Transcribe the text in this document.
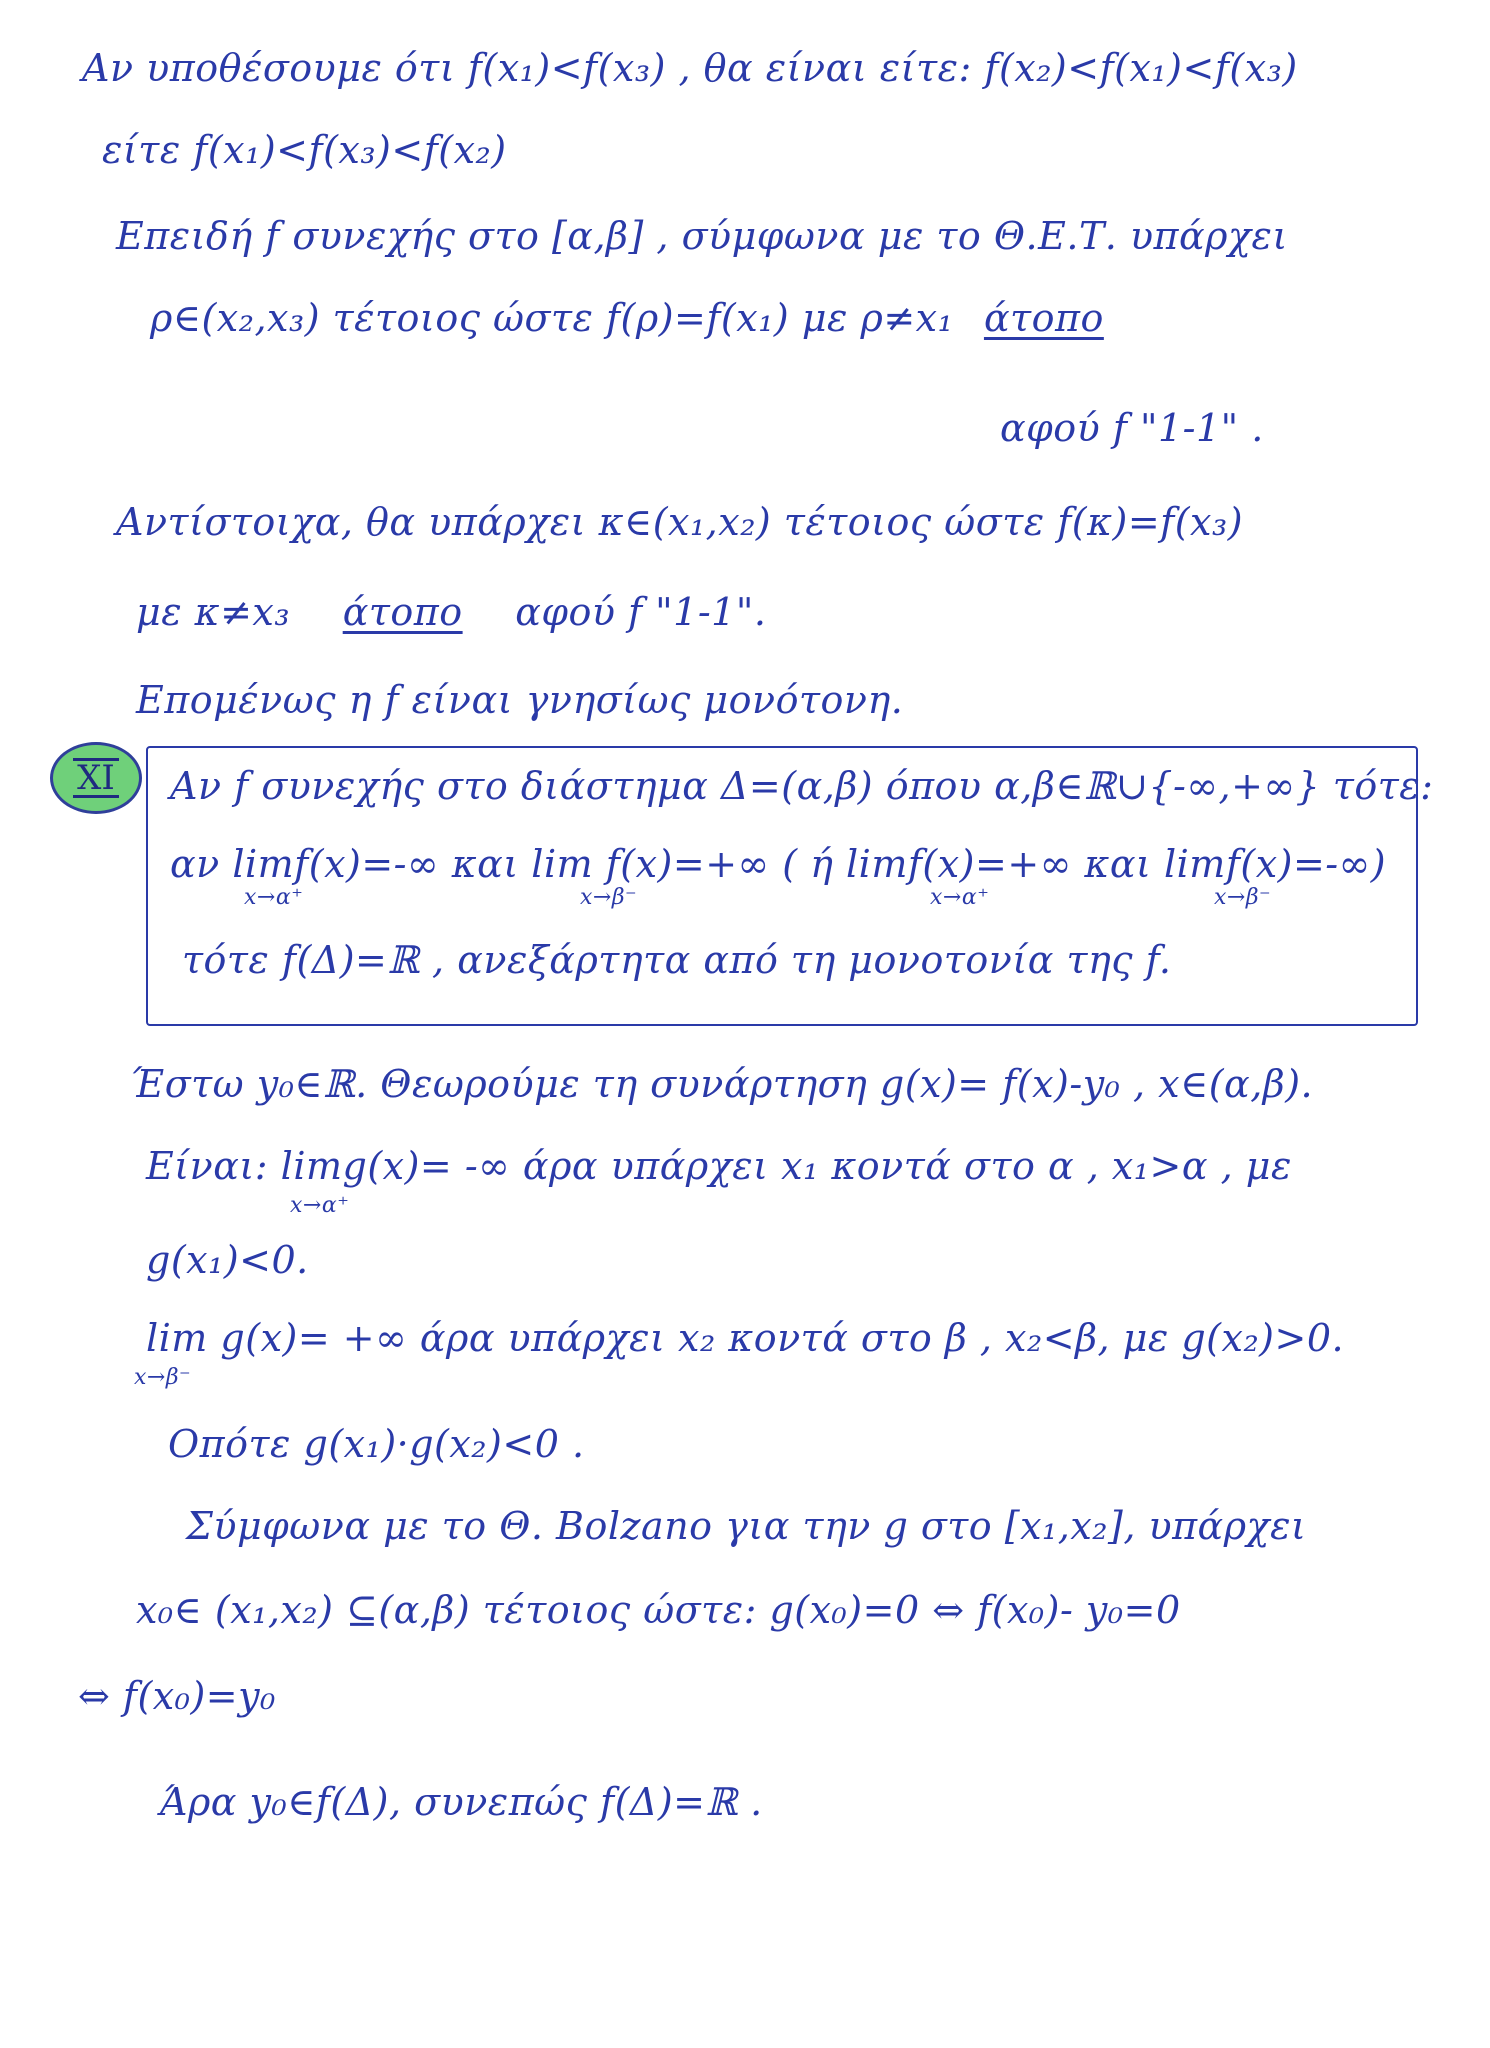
Αν υποθέσουμε ότι f(x₁)<f(x₃) , θα είναι είτε: f(x₂)<f(x₁)<f(x₃)
είτε f(x₁)<f(x₃)<f(x₂)
Επειδή f συνεχής στο [α,β] , σύμφωνα με το Θ.Ε.Τ. υπάρχει
ρ∈(x₂,x₃) τέτοιος ώστε f(ρ)=f(x₁) με ρ≠x₁ άτοπο
αφού f "1-1" .
Αντίστοιχα, θα υπάρχει κ∈(x₁,x₂) τέτοιος ώστε f(κ)=f(x₃)
με κ≠x₃ άτοπο αφού f "1-1".
Επομένως η f είναι γνησίως μονότονη.
XI Αν f συνεχής στο διάστημα Δ=(α,β) όπου α,β∈ℝ∪{-∞,+∞} τότε:
αν limf(x)=-∞ και lim f(x)=+∞ ( ή limf(x)=+∞ και limf(x)=-∞)
x→α⁺	x→β⁻	x→α⁺	x→β⁻
τότε f(Δ)=ℝ , ανεξάρτητα από τη μονοτονία της f.
Έστω y₀∈ℝ. Θεωρούμε τη συνάρτηση g(x)= f(x)-y₀ , x∈(α,β).
Είναι: limg(x)= -∞ άρα υπάρχει x₁ κοντά στο α , x₁>α , με
x→α⁺
g(x₁)<0.
lim g(x)= +∞ άρα υπάρχει x₂ κοντά στο β , x₂<β, με g(x₂)>0.
x→β⁻
Οπότε g(x₁)·g(x₂)<0 .
Σύμφωνα με το Θ. Bolzano για την g στο [x₁,x₂], υπάρχει
x₀∈ (x₁,x₂) ⊆(α,β) τέτοιος ώστε: g(x₀)=0 ⇔ f(x₀)- y₀=0
⇔ f(x₀)=y₀
Άρα y₀∈f(Δ), συνεπώς f(Δ)=ℝ .
